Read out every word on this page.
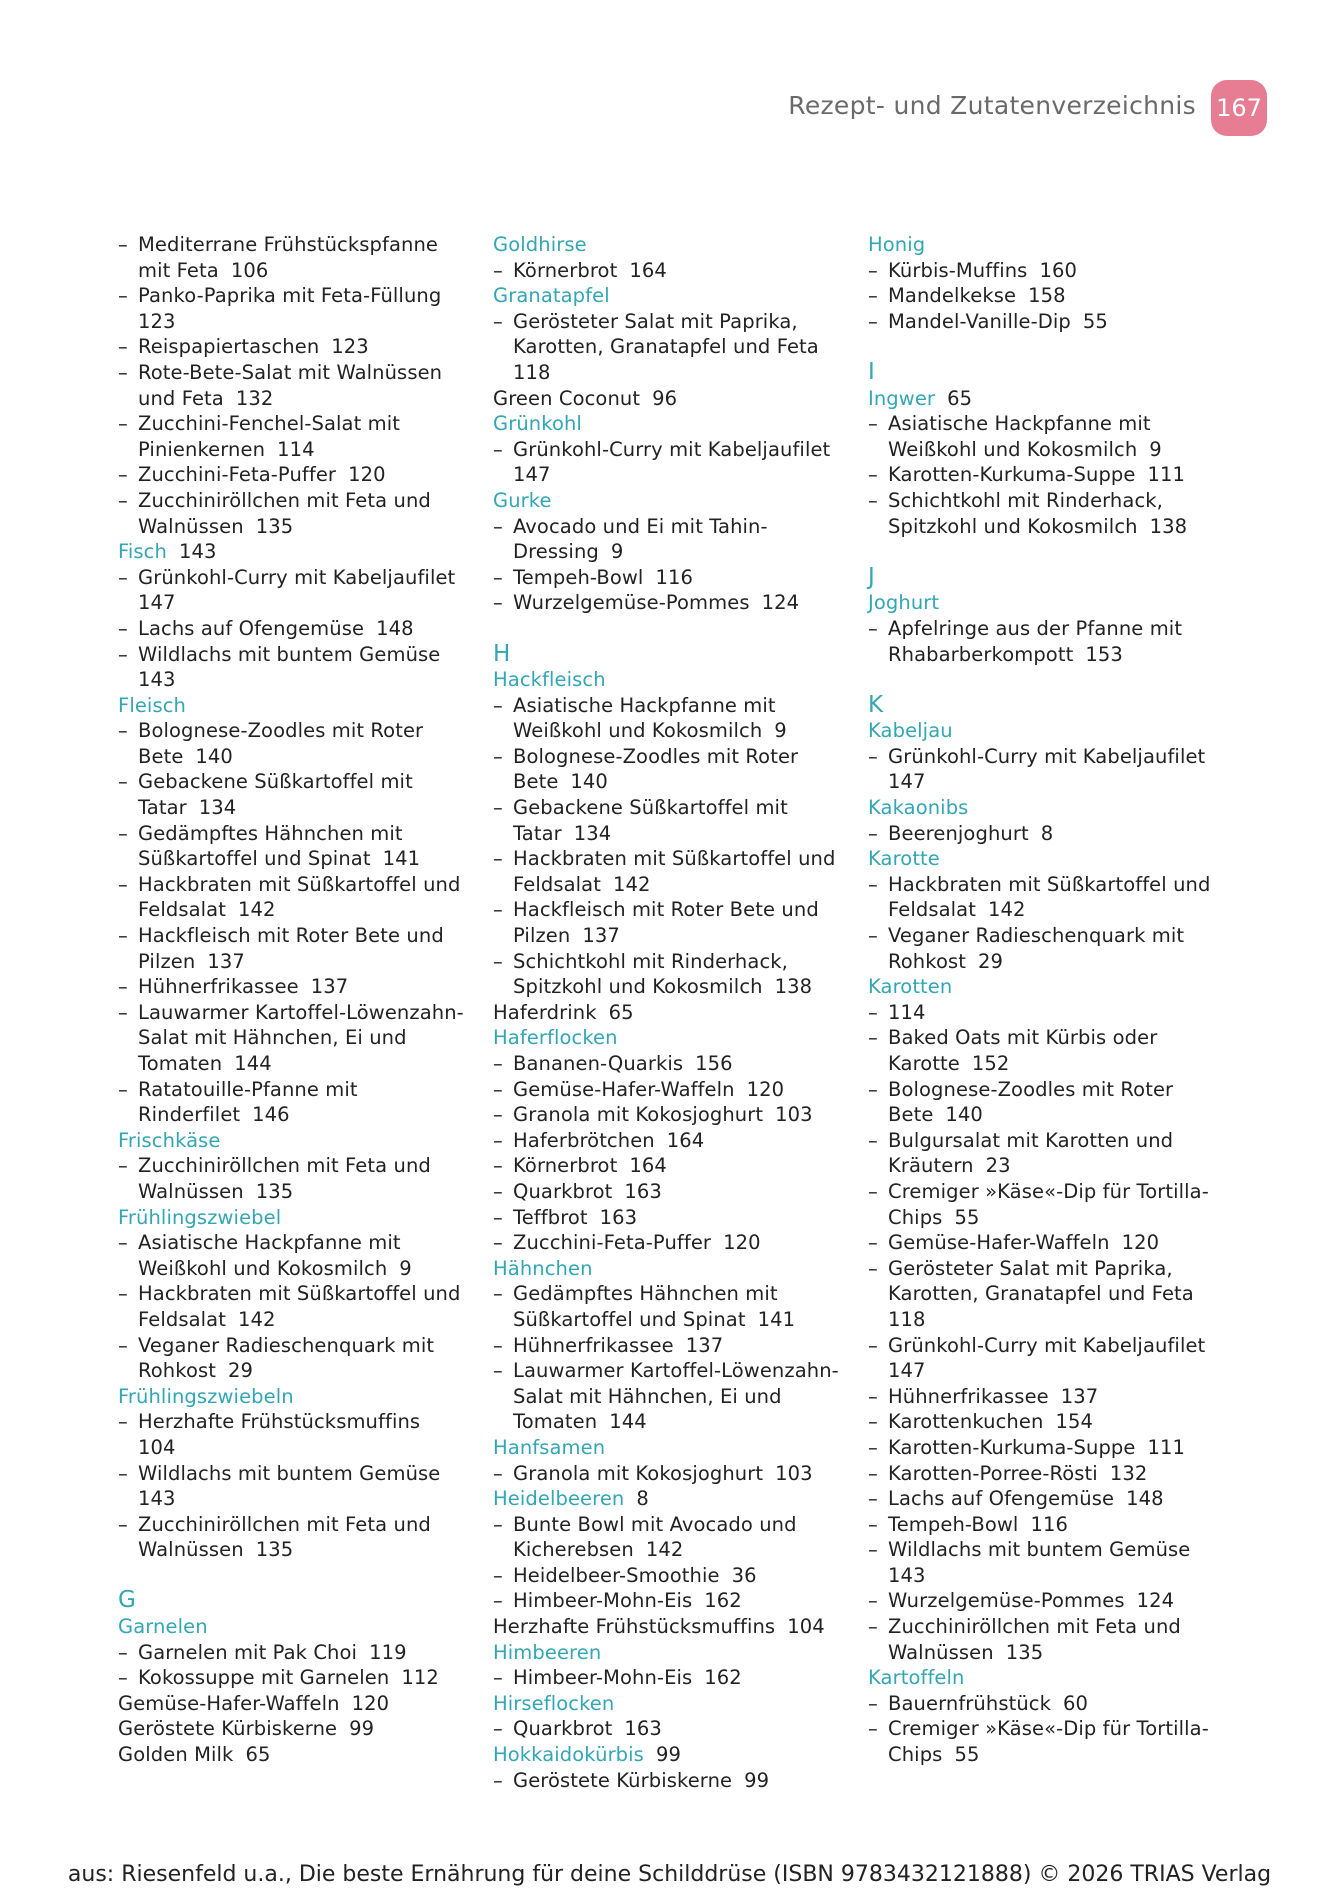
Rezept- und Zutatenverzeichnis 167
– Mediterrane Frühstückspfanne
mit Feta 106
– Panko-Paprika mit Feta-Füllung
123
– Reispapiertaschen 123
– Rote-Bete-Salat mit Walnüssen
und Feta 132
– Zucchini-Fenchel-Salat mit
Pinienkernen 114
– Zucchini-Feta-Puffer 120
– Zucchiniröllchen mit Feta und
Walnüssen 135
Fisch 143
– Grünkohl-Curry mit Kabeljaufilet
147
– Lachs auf Ofengemüse 148
– Wildlachs mit buntem Gemüse
143
Fleisch
– Bolognese-Zoodles mit Roter
Bete 140
– Gebackene Süßkartoffel mit
Tatar 134
– Gedämpftes Hähnchen mit
Süßkartoffel und Spinat 141
– Hackbraten mit Süßkartoffel und
Feldsalat 142
– Hackfleisch mit Roter Bete und
Pilzen 137
– Hühnerfrikassee 137
– Lauwarmer Kartoffel-Löwenzahn-
Salat mit Hähnchen, Ei und
Tomaten 144
– Ratatouille-Pfanne mit
Rinderfilet 146
Frischkäse
– Zucchiniröllchen mit Feta und
Walnüssen 135
Frühlingszwiebel
– Asiatische Hackpfanne mit
Weißkohl und Kokosmilch 9
– Hackbraten mit Süßkartoffel und
Feldsalat 142
– Veganer Radieschenquark mit
Rohkost 29
Frühlingszwiebeln
– Herzhafte Frühstücksmuffins
104
– Wildlachs mit buntem Gemüse
143
– Zucchiniröllchen mit Feta und
Walnüssen 135
G
Garnelen
– Garnelen mit Pak Choi 119
– Kokossuppe mit Garnelen 112
Gemüse-Hafer-Waffeln 120
Geröstete Kürbiskerne 99
Golden Milk 65
Goldhirse
– Körnerbrot 164
Granatapfel
– Gerösteter Salat mit Paprika,
Karotten, Granatapfel und Feta
118
Green Coconut 96
Grünkohl
– Grünkohl-Curry mit Kabeljaufilet
147
Gurke
– Avocado und Ei mit Tahin-
Dressing 9
– Tempeh-Bowl 116
– Wurzelgemüse-Pommes 124
H
Hackfleisch
– Asiatische Hackpfanne mit
Weißkohl und Kokosmilch 9
– Bolognese-Zoodles mit Roter
Bete 140
– Gebackene Süßkartoffel mit
Tatar 134
– Hackbraten mit Süßkartoffel und
Feldsalat 142
– Hackfleisch mit Roter Bete und
Pilzen 137
– Schichtkohl mit Rinderhack,
Spitzkohl und Kokosmilch 138
Haferdrink 65
Haferflocken
– Bananen-Quarkis 156
– Gemüse-Hafer-Waffeln 120
– Granola mit Kokosjoghurt 103
– Haferbrötchen 164
– Körnerbrot 164
– Quarkbrot 163
– Teffbrot 163
– Zucchini-Feta-Puffer 120
Hähnchen
– Gedämpftes Hähnchen mit
Süßkartoffel und Spinat 141
– Hühnerfrikassee 137
– Lauwarmer Kartoffel-Löwenzahn-
Salat mit Hähnchen, Ei und
Tomaten 144
Hanfsamen
– Granola mit Kokosjoghurt 103
Heidelbeeren 8
– Bunte Bowl mit Avocado und
Kicherebsen 142
– Heidelbeer-Smoothie 36
– Himbeer-Mohn-Eis 162
Herzhafte Frühstücksmuffins 104
Himbeeren
– Himbeer-Mohn-Eis 162
Hirseflocken
– Quarkbrot 163
Hokkaidokürbis 99
– Geröstete Kürbiskerne 99
Honig
– Kürbis-Muffins 160
– Mandelkekse 158
– Mandel-Vanille-Dip 55
I
Ingwer 65
– Asiatische Hackpfanne mit
Weißkohl und Kokosmilch 9
– Karotten-Kurkuma-Suppe 111
– Schichtkohl mit Rinderhack,
Spitzkohl und Kokosmilch 138
J
Joghurt
– Apfelringe aus der Pfanne mit
Rhabarberkompott 153
K
Kabeljau
– Grünkohl-Curry mit Kabeljaufilet
147
Kakaonibs
– Beerenjoghurt 8
Karotte
– Hackbraten mit Süßkartoffel und
Feldsalat 142
– Veganer Radieschenquark mit
Rohkost 29
Karotten
– 114
– Baked Oats mit Kürbis oder
Karotte 152
– Bolognese-Zoodles mit Roter
Bete 140
– Bulgursalat mit Karotten und
Kräutern 23
– Cremiger »Käse«-Dip für Tortilla-
Chips 55
– Gemüse-Hafer-Waffeln 120
– Gerösteter Salat mit Paprika,
Karotten, Granatapfel und Feta
118
– Grünkohl-Curry mit Kabeljaufilet
147
– Hühnerfrikassee 137
– Karottenkuchen 154
– Karotten-Kurkuma-Suppe 111
– Karotten-Porree-Rösti 132
– Lachs auf Ofengemüse 148
– Tempeh-Bowl 116
– Wildlachs mit buntem Gemüse
143
– Wurzelgemüse-Pommes 124
– Zucchiniröllchen mit Feta und
Walnüssen 135
Kartoffeln
– Bauernfrühstück 60
– Cremiger »Käse«-Dip für Tortilla-
Chips 55
aus: Riesenfeld u.a., Die beste Ernährung für deine Schilddrüse (ISBN 9783432121888) © 2026 TRIAS Verlag
